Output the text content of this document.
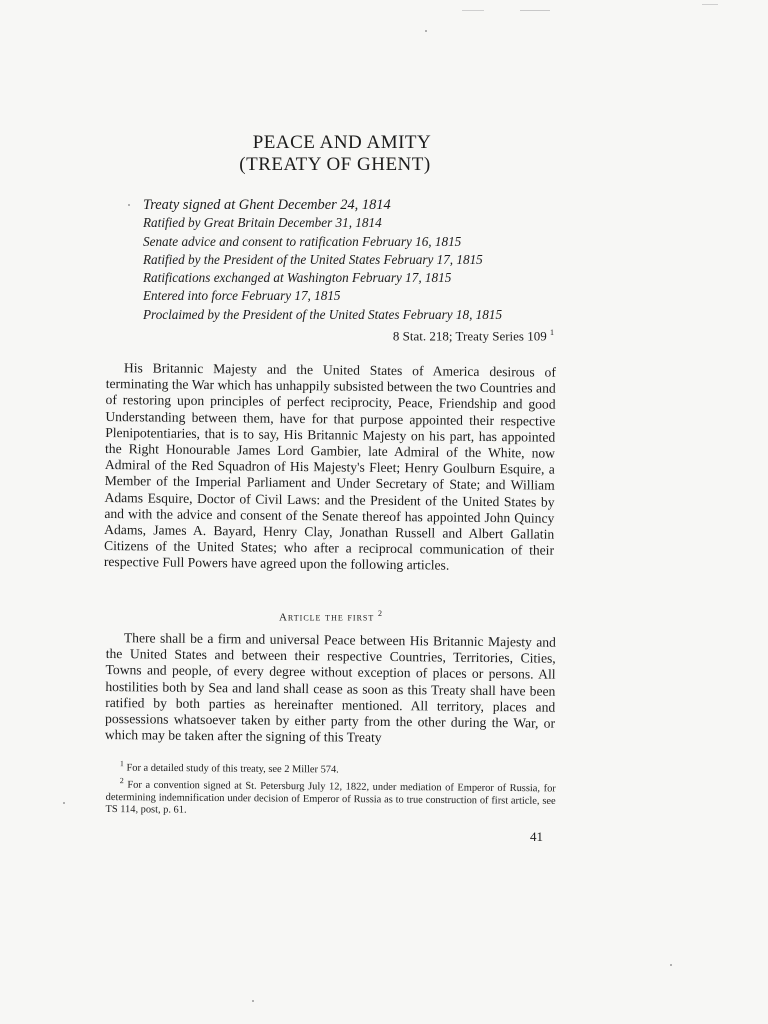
PEACE AND AMITY
(TREATY OF GHENT)
Treaty signed at Ghent December 24, 1814
Ratified by Great Britain December 31, 1814
Senate advice and consent to ratification February 16, 1815
Ratified by the President of the United States February 17, 1815
Ratifications exchanged at Washington February 17, 1815
Entered into force February 17, 1815
Proclaimed by the President of the United States February 18, 1815
8 Stat. 218; Treaty Series 109 $^1$

His Britannic Majesty and the United States of America desirous of terminating the War which has unhappily subsisted between the two Countries and of restoring upon principles of perfect reciprocity, Peace, Friendship and good Understanding between them, have for that purpose appointed their respective Plenipotentiaries, that is to say, His Britannic Majesty on his part, has appointed the Right Honourable James Lord Gambier, late Admiral of the White, now Admiral of the Red Squadron of His Majesty's Fleet; Henry Goulburn Esquire, a Member of the Imperial Parliament and Under Secretary of State; and William Adams Esquire, Doctor of Civil Laws: and the President of the United States by and with the advice and consent of the Senate thereof has appointed John Quincy Adams, James A. Bayard, Henry Clay, Jonathan Russell and Albert Gallatin Citizens of the United States; who after a reciprocal communication of their respective Full Powers have agreed upon the following articles.

Article the first $^2$

There shall be a firm and universal Peace between His Britannic Majesty and the United States and between their respective Countries, Territories, Cities, Towns and people, of every degree without exception of places or persons. All hostilities both by Sea and land shall cease as soon as this Treaty shall have been ratified by both parties as hereinafter mentioned. All territory, places and possessions whatsoever taken by either party from the other during the War, or which may be taken after the signing of this Treaty

$^1$ For a detailed study of this treaty, see 2 Miller 574.

$^2$ For a convention signed at St. Petersburg July 12, 1822, under mediation of Emperor of Russia, for determining indemnification under decision of Emperor of Russia as to true construction of first article, see TS 114, post, p. 61.

41
